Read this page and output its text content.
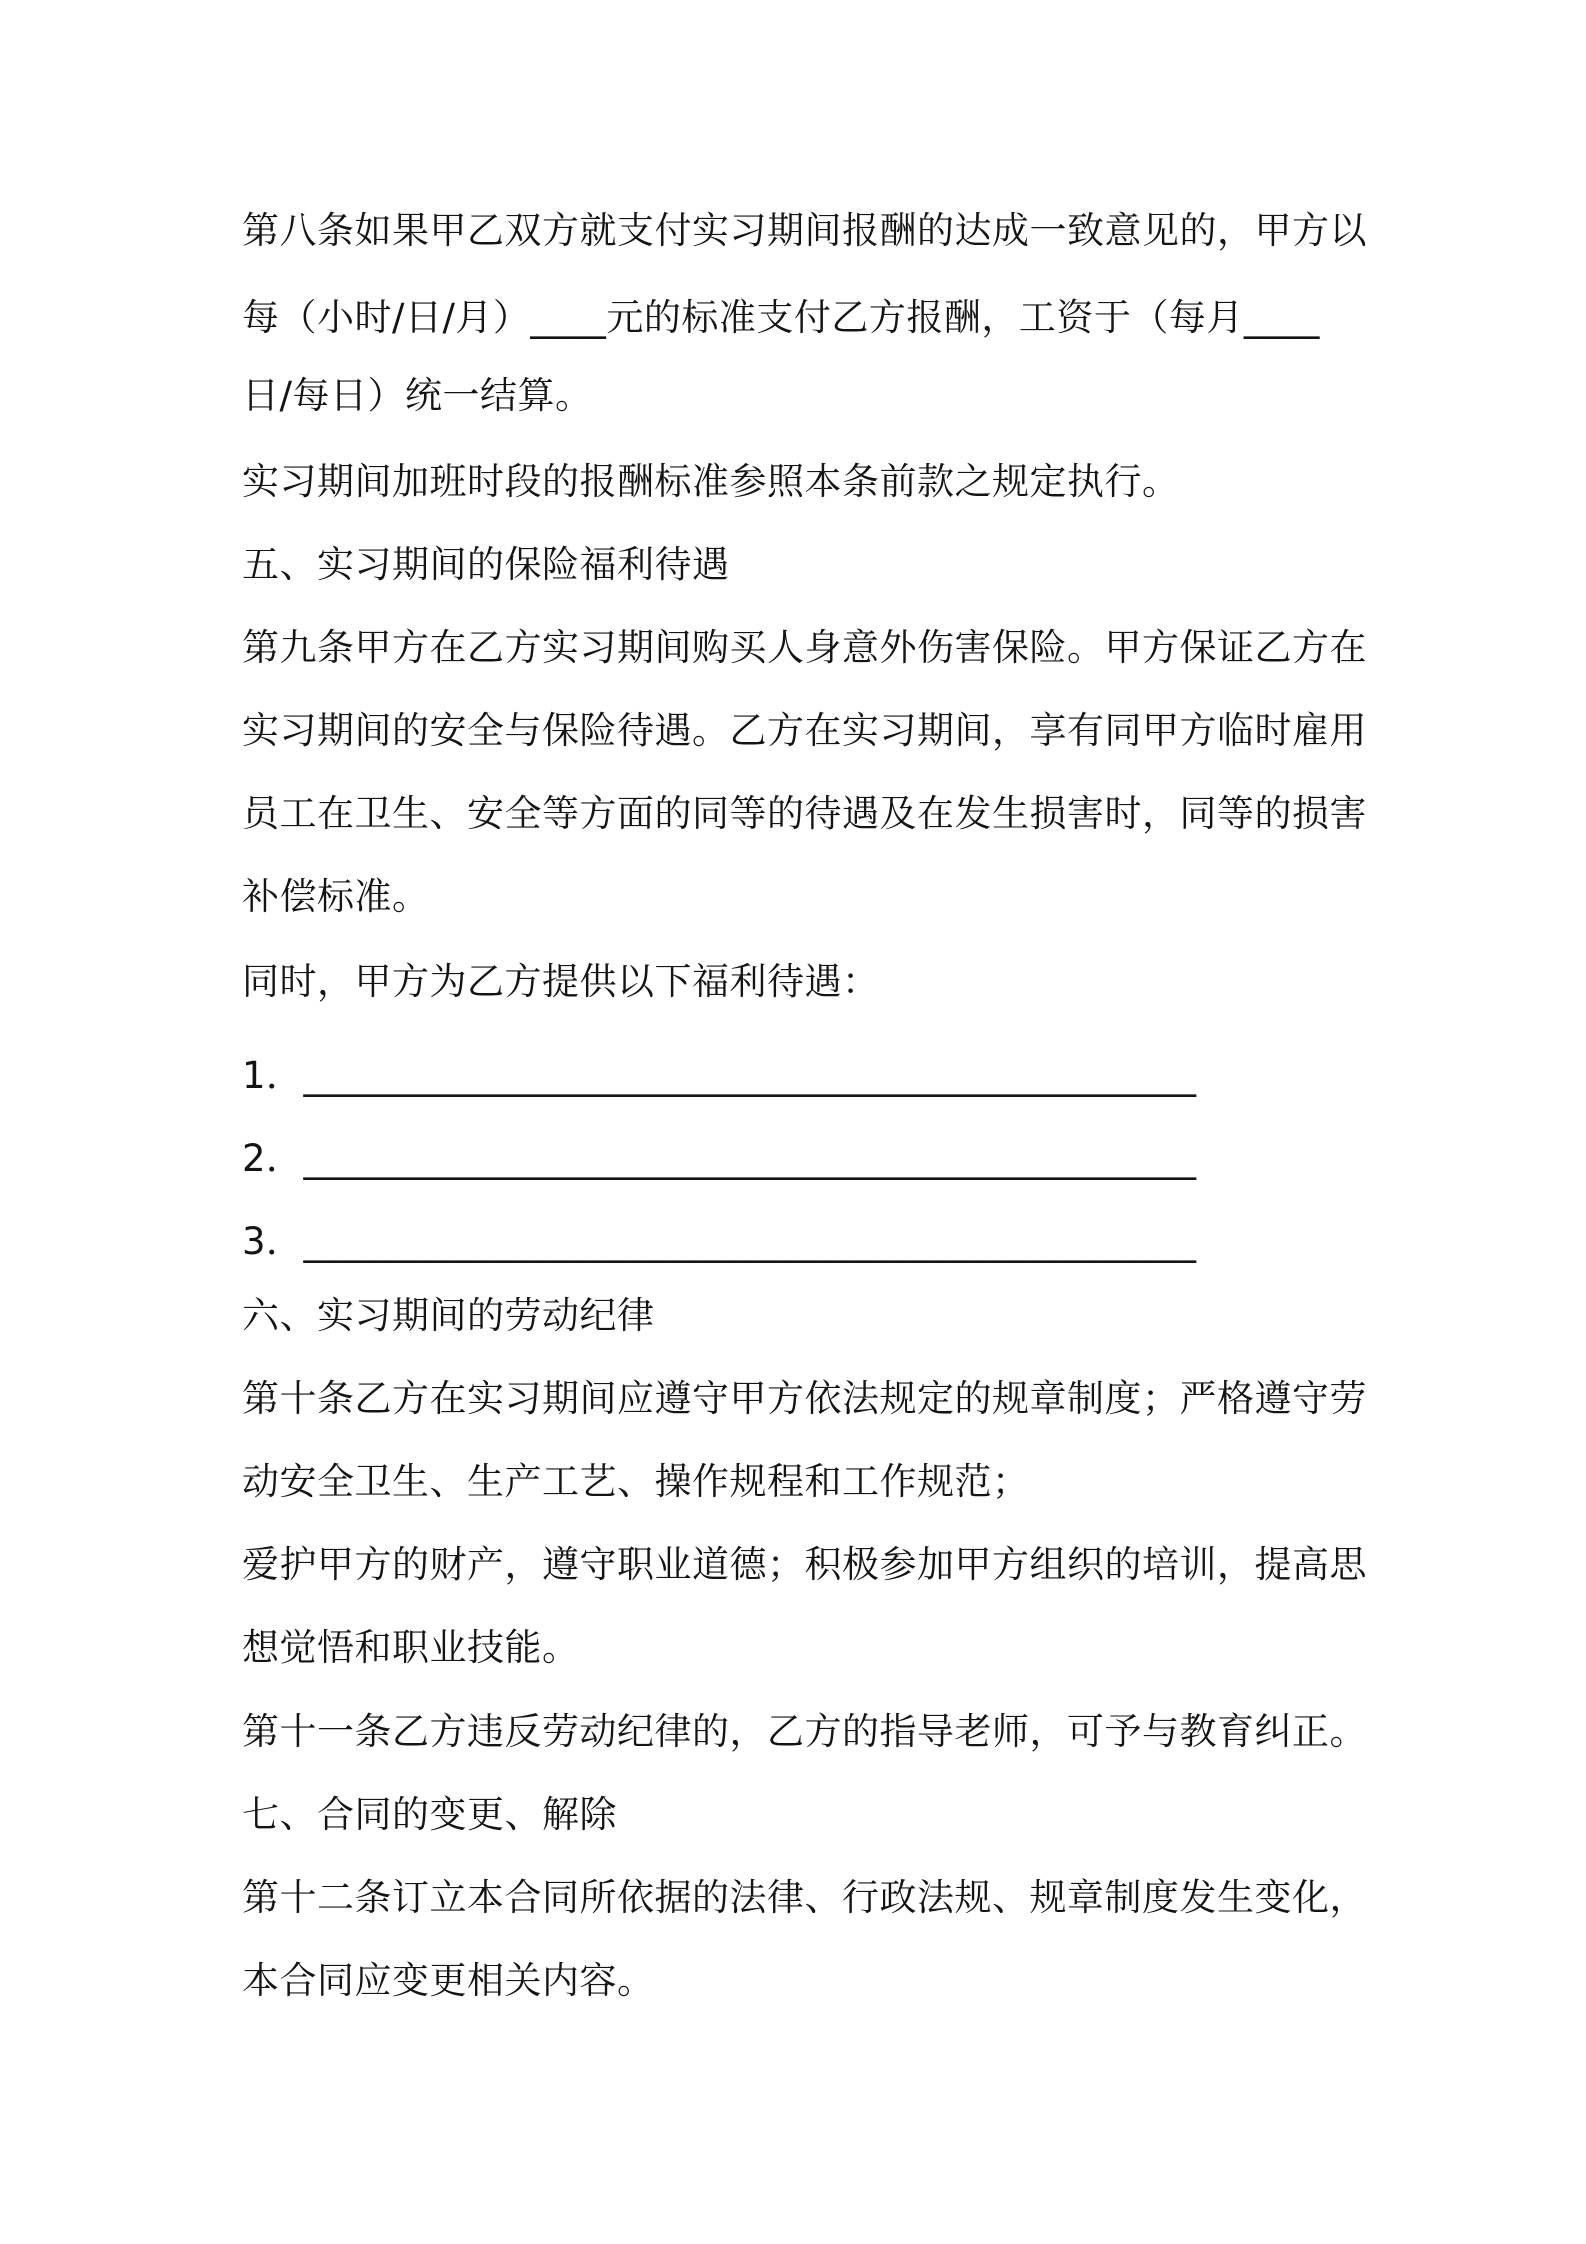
第八条如果甲乙双方就支付实习期间报酬的达成一致意见的，甲方以
每（小时/日/月）____元的标准支付乙方报酬，工资于（每月____
日/每日）统一结算。
实习期间加班时段的报酬标准参照本条前款之规定执行。
五、实习期间的保险福利待遇
第九条甲方在乙方实习期间购买人身意外伤害保险。甲方保证乙方在
实习期间的安全与保险待遇。乙方在实习期间，享有同甲方临时雇用
员工在卫生、安全等方面的同等的待遇及在发生损害时，同等的损害
补偿标准。
同时，甲方为乙方提供以下福利待遇：
1．_______________________________________________
2．_______________________________________________
3．_______________________________________________
六、实习期间的劳动纪律
第十条乙方在实习期间应遵守甲方依法规定的规章制度；严格遵守劳
动安全卫生、生产工艺、操作规程和工作规范；
爱护甲方的财产，遵守职业道德；积极参加甲方组织的培训，提高思
想觉悟和职业技能。
第十一条乙方违反劳动纪律的，乙方的指导老师，可予与教育纠正。
七、合同的变更、解除
第十二条订立本合同所依据的法律、行政法规、规章制度发生变化，
本合同应变更相关内容。
